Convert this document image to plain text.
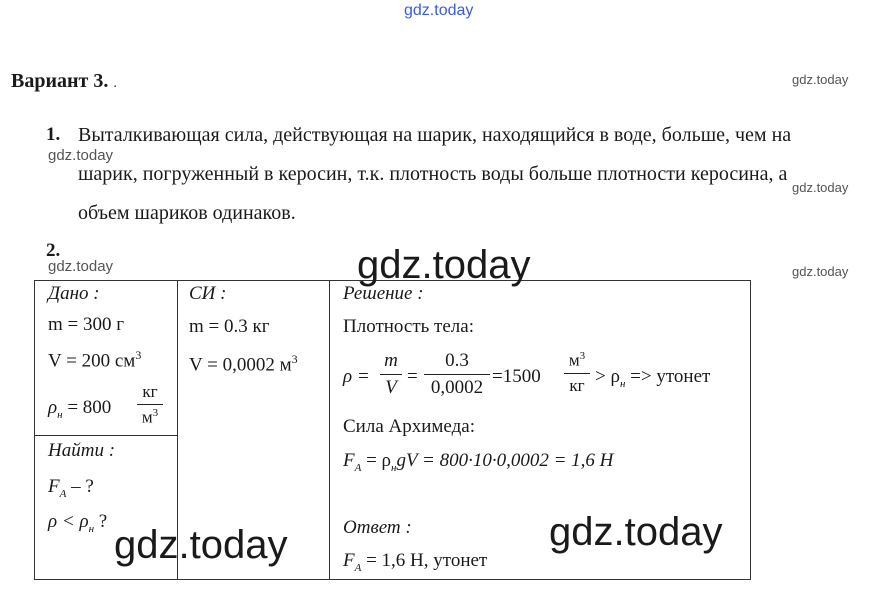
gdz.today
gdz.today
gdz.today
gdz.today
gdz.today	gdz.today
Вариант 3. .
1. Выталкивающая сила, действующая на шарик, находящийся в воде, больше, чем на
шарик, погруженный в керосин, т.к. плотность воды больше плотности керосина, а
объем шариков одинаков.
2.
Дано :
m = 300 г
V = 200 $см^3$
$\rho_н = 800$
кг
$м^3$
Найти :
$F_A$ – ?
$\rho < \rho_н$ ?
СИ :
m = 0.3 кг
V = 0,0002 $м^3$
Решение :
Плотность тела:
ρ =
m
V
=
0.3
0,0002
=1500
$м^3$
кг > $\rho_н$ => утонет
Сила Архимеда:
$F_A = \rho_нgV = 800\cdot 10\cdot 0,0002 = 1,6$ Н
Ответ :
$F_A = 1,6$ Н, утонет
gdz.today
gdz.today	gdz.today
